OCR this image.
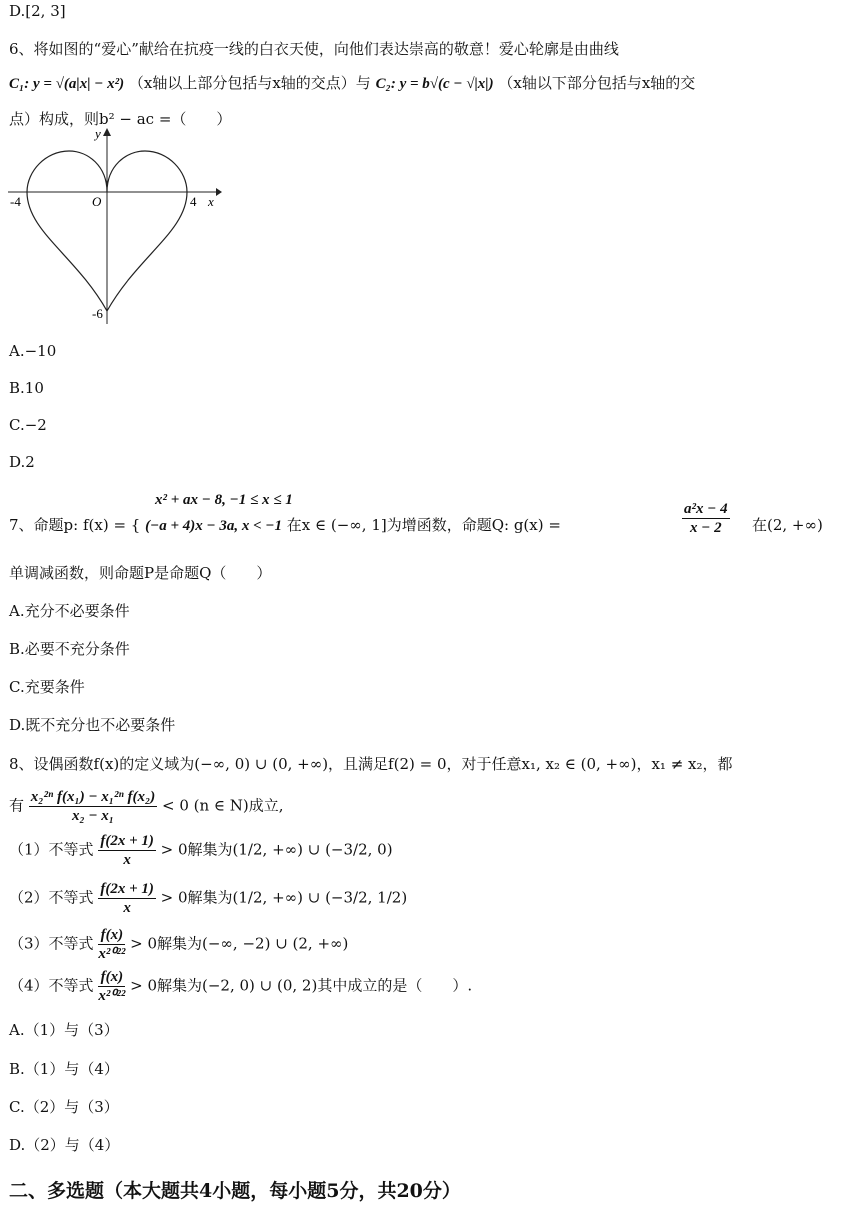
D.[2, 3]
6、将如图的“爱心”献给在抗疫一线的白衣天使，向他们表达崇高的敬意！爱心轮廓是由曲线
C₁: y = √(a|x| − x²) （x轴以上部分包括与x轴的交点）与 C₂: y = b√(c − √|x|) （x轴以下部分包括与x轴的交
点）构成，则b² − ac =（　　）
y
x
O
-4	4
-6
A.−10
B.10
C.−2
D.2
x² + ax − 8, −1 ≤ x ≤ 1
7、命题p: f(x) = { (−a + 4)x − 3a, x < −1 在x ∈ (−∞, 1]为增函数，命题Q: g(x) =	$\frac{\text{a²x − 4}}{x - 2}$ 在(2, +∞)
单调减函数，则命题P是命题Q（　　）
A.充分不必要条件
B.必要不充分条件
C.充要条件
D.既不充分也不必要条件
8、设偶函数f(x)的定义域为(−∞, 0) ∪ (0, +∞)，且满足f(2) = 0，对于任意x₁, x₂ ∈ (0, +∞)，x₁ ≠ x₂，都
有 $\frac{\text{x₂²ⁿ f(x₁) − x₁²ⁿ f(x₂)}}{\text{x₂ − x₁}} < 0$ (n ∈ N)成立,
（1）不等式 $\frac{f(2x + 1)}{x} > 0$解集为(1/2, +∞) ∪ (−3/2, 0)
（2）不等式 $\frac{f(2x + 1)}{x} > 0$解集为(1/2, +∞) ∪ (−3/2, 1/2)
（3）不等式 $\frac{f(x)}{\text{x²⁰²²}} > 0$解集为(−∞, −2) ∪ (2, +∞)
（4）不等式 $\frac{f(x)}{\text{x²⁰²²}} > 0$解集为(−2, 0) ∪ (0, 2)其中成立的是（　　）.
A.（1）与（3）
B.（1）与（4）
C.（2）与（3）
D.（2）与（4）
二、多选题（本大题共4小题，每小题5分，共20分）
